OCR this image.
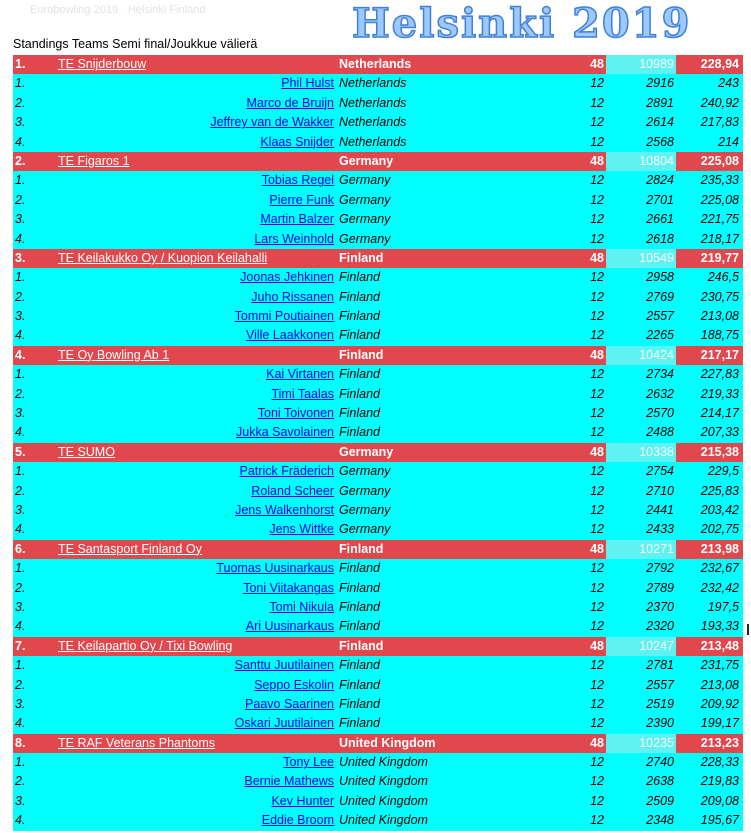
Eurobowling 2019 · Helsinki Finland	Helsinki 2019
Standings Teams Semi final/Joukkue välierä
1.	TE Snijderbouw	Netherlands	48	10989 228,94
1.	Phil Hulst Netherlands	12	2916	243
2.	Marco de Bruijn Netherlands	12	2891 240,92
3.	Jeffrey van de Wakker Netherlands	12	2614 217,83
4.	Klaas Snijder Netherlands	12	2568	214
2.	TE Figaros 1	Germany	48	10804 225,08
1.	Tobias Regel Germany	12	2824 235,33
2.	Pierre Funk Germany	12	2701 225,08
3.	Martin Balzer Germany	12	2661 221,75
4.	Lars Weinhold Germany	12	2618 218,17
3.	TE Keilakukko Oy / Kuopion Keilahalli	Finland	48	10549 219,77
1.	Joonas Jehkinen Finland	12	2958	246,5
2.	Juho Rissanen Finland	12	2769 230,75
3.	Tommi Poutiainen Finland	12	2557 213,08
4.	Ville Laakkonen Finland	12	2265 188,75
4.	TE Oy Bowling Ab 1	Finland	48	10424 217,17
1.	Kai Virtanen Finland	12	2734 227,83
2.	Timi Taalas Finland	12	2632 219,33
3.	Toni Toivonen Finland	12	2570 214,17
4.	Jukka Savolainen Finland	12	2488 207,33
5.	TE SUMO	Germany	48	10338 215,38
1.	Patrick Fräderich Germany	12	2754	229,5
2.	Roland Scheer Germany	12	2710 225,83
3.	Jens Walkenhorst Germany	12	2441 203,42
4.	Jens Wittke Germany	12	2433 202,75
6.	TE Santasport Finland Oy	Finland	48	10271 213,98
1.	Tuomas Uusinarkaus Finland	12	2792 232,67
2.	Toni Viitakangas Finland	12	2789 232,42
3.	Tomi Nikula Finland	12	2370	197,5
4.	Ari Uusinarkaus Finland	12	2320 193,33
7.	TE Keilapartio Oy / Tixi Bowling	Finland	48	10247 213,48
1.	Santtu Juutilainen Finland	12	2781 231,75
2.	Seppo Eskolin Finland	12	2557 213,08
3.	Paavo Saarinen Finland	12	2519 209,92
4.	Oskari Juutilainen Finland	12	2390 199,17
8.	TE RAF Veterans Phantoms	United Kingdom	48	10235 213,23
1.	Tony Lee United Kingdom	12	2740 228,33
2.	Bernie Mathews United Kingdom	12	2638 219,83
3.	Kev Hunter United Kingdom	12	2509 209,08
4.	Eddie Broom United Kingdom	12	2348 195,67
